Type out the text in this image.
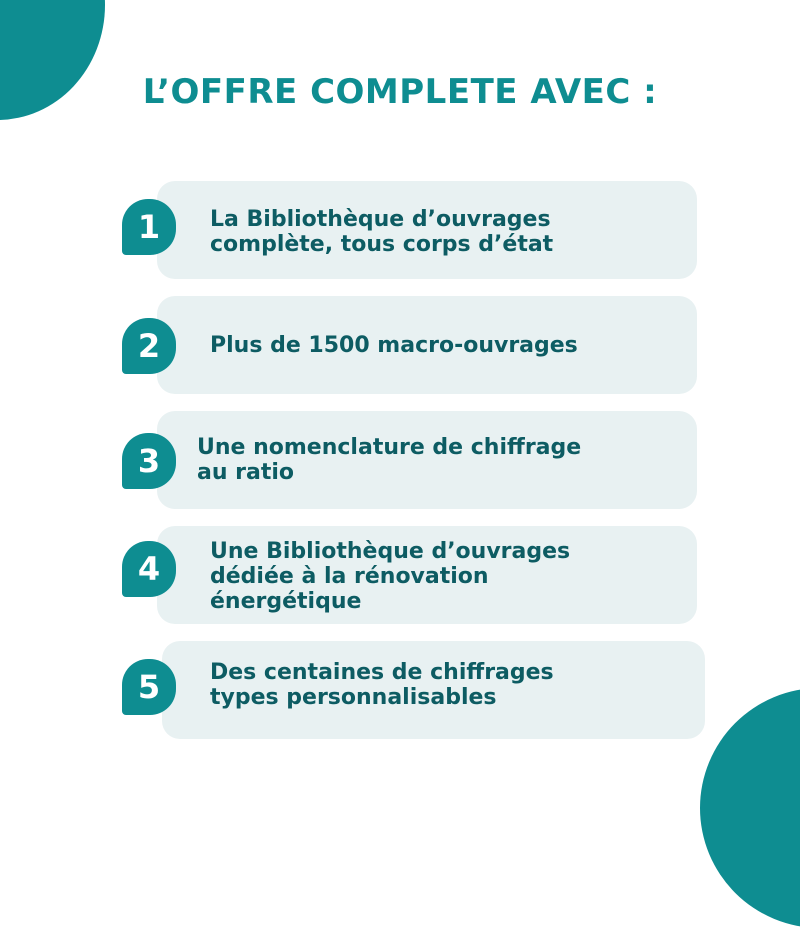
L’OFFRE COMPLETE AVEC :
1	La Bibliothèque d’ouvrages
complète, tous corps d’état
2	Plus de 1500 macro-ouvrages
3	Une nomenclature de chiffrage
au ratio
4	Une Bibliothèque d’ouvrages
dédiée à la rénovation
énergétique
5	Des centaines de chiffrages
types personnalisables
